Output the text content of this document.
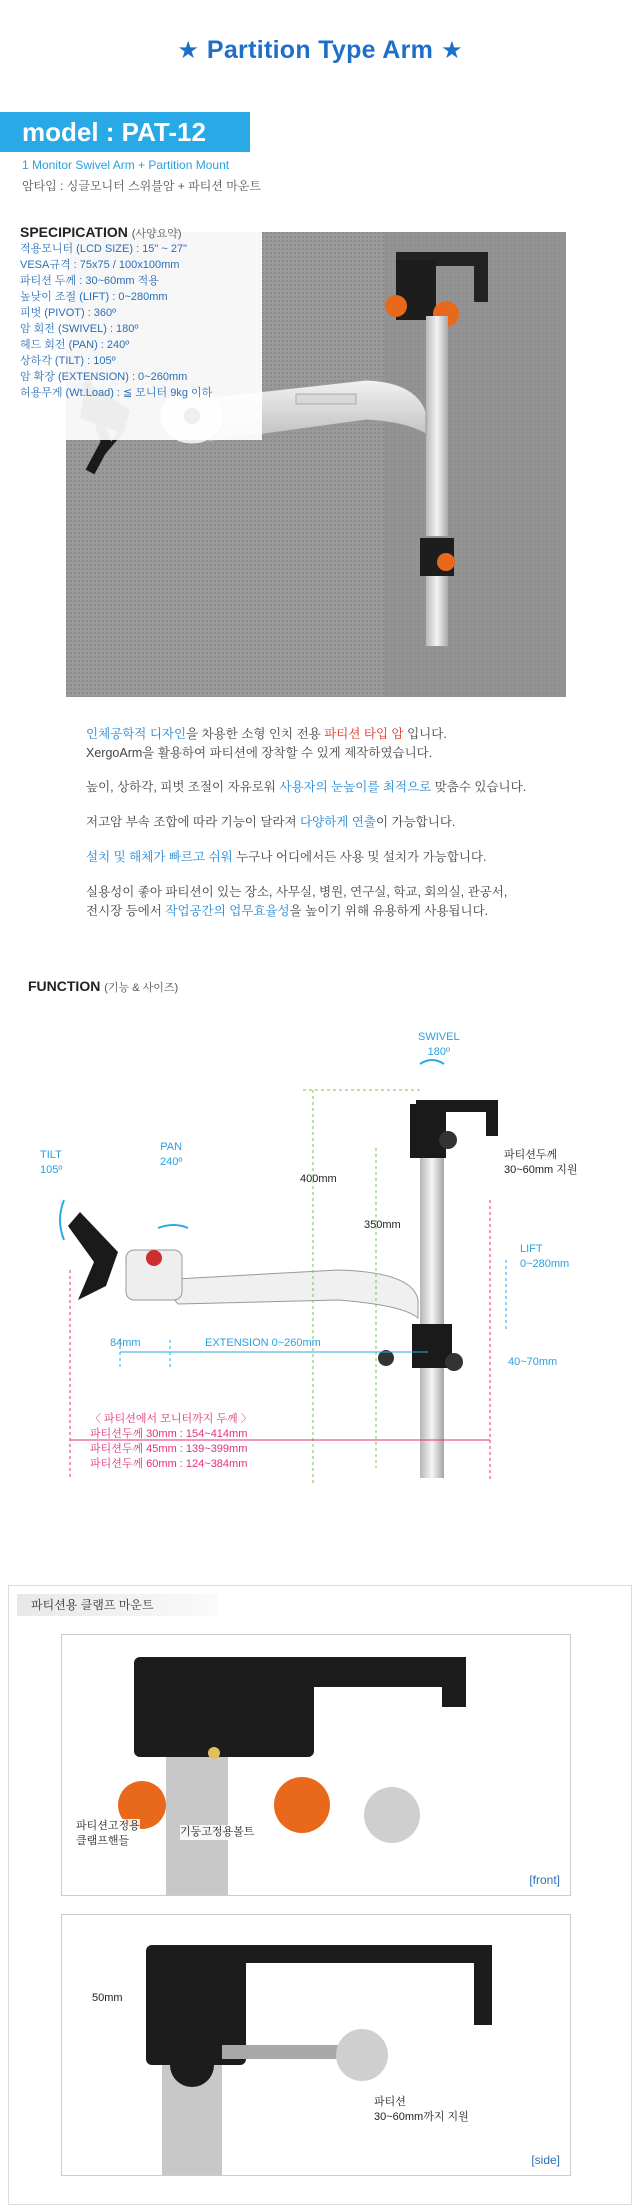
★ Partition Type Arm ★
model : PAT-12
1 Monitor Swivel Arm + Partition Mount
암타입 : 싱글모니터 스위블암 + 파티션 마운트
SPECIPICATION (사양요약)
적용모니터 (LCD SIZE) : 15" ~ 27"
VESA규격 : 75x75 / 100x100mm
파티션 두께 : 30~60mm 적용
높낮이 조절 (LIFT) : 0~280mm
피벗 (PIVOT) : 360º
암 회전 (SWIVEL) : 180º
헤드 회전 (PAN) : 240º
상하각 (TILT) : 105º
암 확장 (EXTENSION) : 0~260mm
허용무게 (Wt.Load) : ≦ 모니터 9kg 이하
인체공학적 디자인을 차용한 소형 인치 전용 파티션 타입 암 입니다.
XergoArm을 활용하여 파티션에 장착할 수 있게 제작하였습니다.
높이, 상하각, 피벗 조절이 자유로워 사용자의 눈높이를 최적으로 맞춤수 있습니다.
저고암 부속 조합에 따라 기능이 달라져 다양하게 연출이 가능합니다.
설치 및 해체가 빠르고 쉬워 누구나 어디에서든 사용 및 설치가 가능합니다.
실용성이 좋아 파티션이 있는 장소, 사무실, 병원, 연구실, 학교, 회의실, 관공서,
전시장 등에서 작업공간의 업무효율성을 높이기 위해 유용하게 사용됩니다.
FUNCTION (기능 & 사이즈)
SWIVEL
180º
TILT
105º
PAN
240º
400mm
350mm
파티션두께
30~60mm 지원
LIFT
0~280mm
84mm	EXTENSION 0~260mm
40~70mm
〈 파티션에서 모니터까지 두께 〉
파티션두께 30mm : 154~414mm
파티션두께 45mm : 139~399mm
파티션두께 60mm : 124~384mm
파티션용 클램프 마운트
파티션고정용
클램프핸들
기둥고정용볼트
[front]
50mm
파티션
30~60mm까지 지원
[side]
